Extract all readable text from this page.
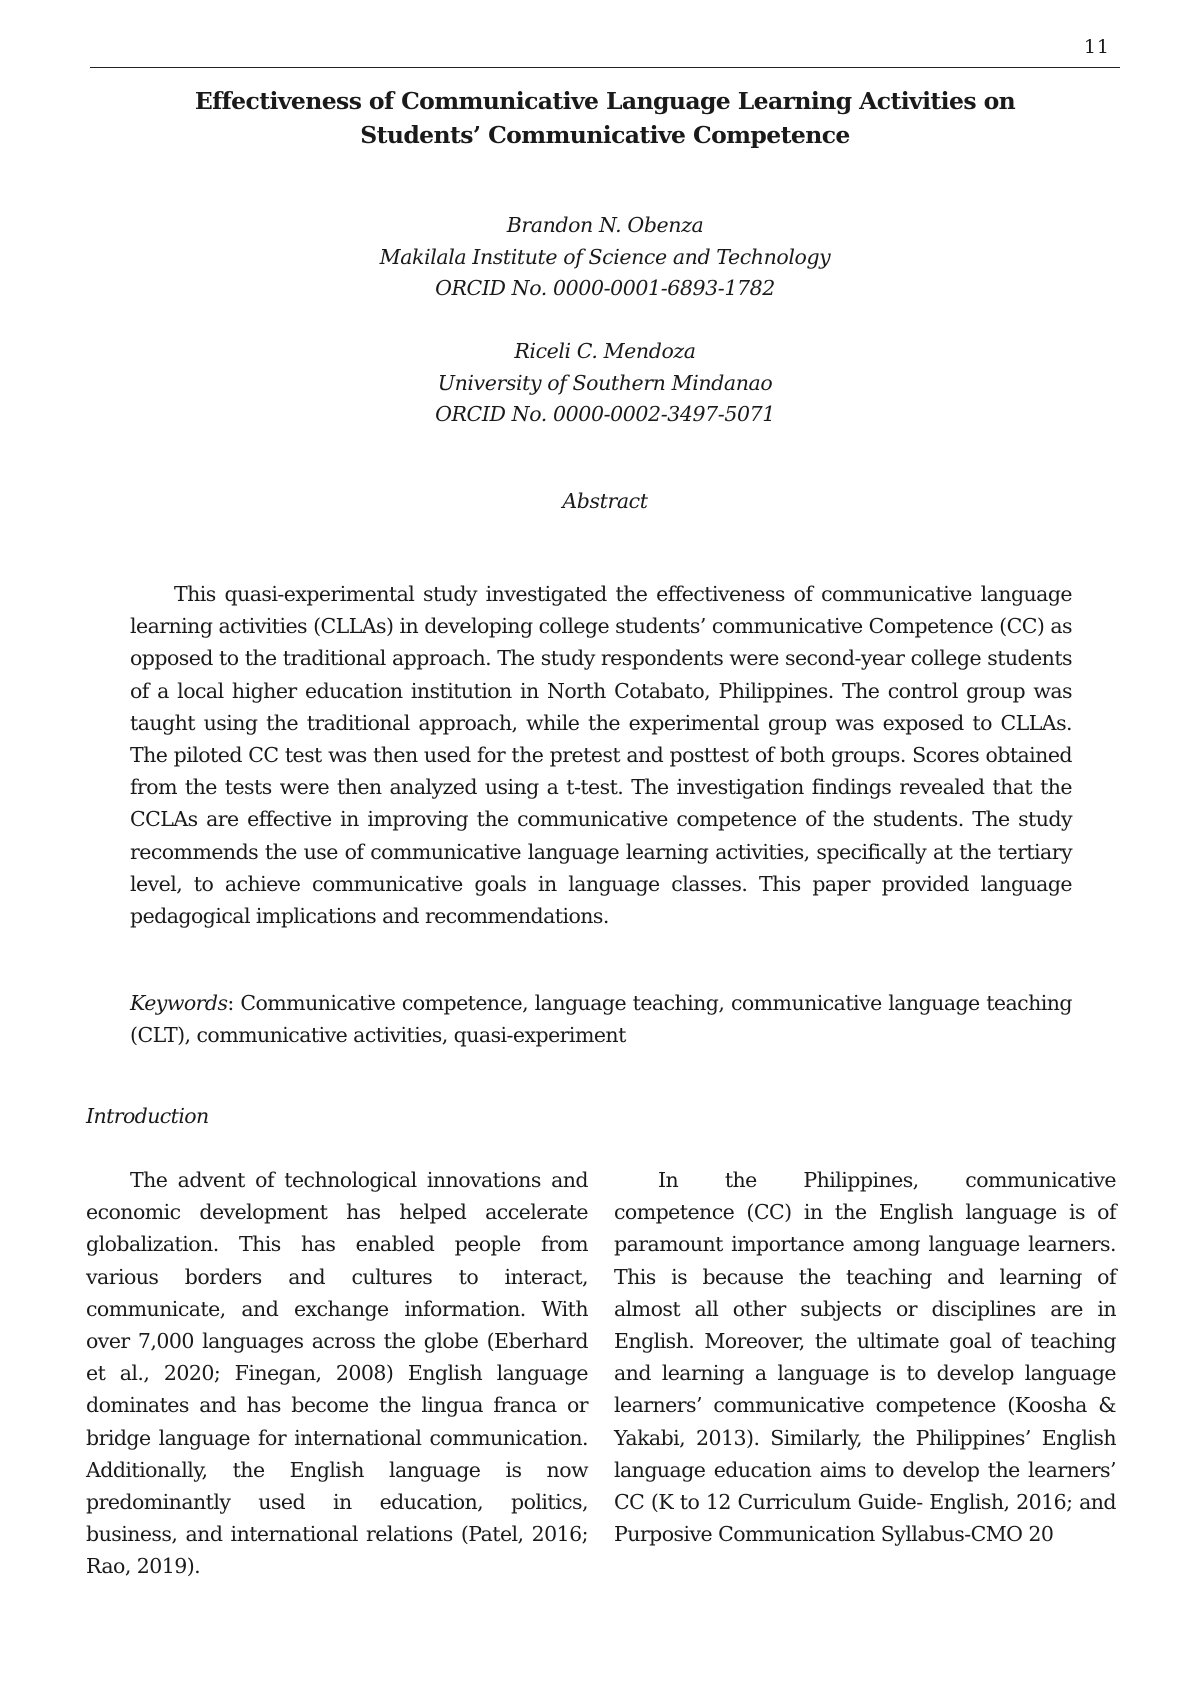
11
Effectiveness of Communicative Language Learning Activities on
Students’ Communicative Competence
Brandon N. Obenza
Makilala Institute of Science and Technology
ORCID No. 0000-0001-6893-1782
Riceli C. Mendoza
University of Southern Mindanao
ORCID No. 0000-0002-3497-5071
Abstract

This quasi-experimental study investigated the effectiveness of communicative language learning activities (CLLAs) in developing college students’ communicative Competence (CC) as opposed to the traditional approach. The study respondents were second-year college students of a local higher education institution in North Cotabato, Philippines. The control group was taught using the traditional approach, while the experimental group was exposed to CLLAs. The piloted CC test was then used for the pretest and posttest of both groups. Scores obtained from the tests were then analyzed using a t-test. The investigation findings revealed that the CCLAs are effective in improving the communicative competence of the students. The study recommends the use of communicative language learning activities, specifically at the tertiary level, to achieve communicative goals in language classes. This paper provided language pedagogical implications and recommendations.

Keywords: Communicative competence, language teaching, communicative language teaching (CLT), communicative activities, quasi-experiment

Introduction

The advent of technological innovations and economic development has helped accelerate globalization. This has enabled people from various borders and cultures to interact, communicate, and exchange information. With over 7,000 languages across the globe (Eberhard et al., 2020; Finegan, 2008) English language dominates and has become the lingua franca or bridge language for international communication. Additionally, the English language is now predominantly used in education, politics, business, and international relations (Patel, 2016; Rao, 2019).

In the Philippines, communicative competence (CC) in the English language is of paramount importance among language learners. This is because the teaching and learning of almost all other subjects or disciplines are in English. Moreover, the ultimate goal of teaching and learning a language is to develop language learners’ communicative competence (Koosha & Yakabi, 2013). Similarly, the Philippines’ English language education aims to develop the learners’ CC (K to 12 Curriculum Guide- English, 2016; and Purposive Communication Syllabus-CMO 20
